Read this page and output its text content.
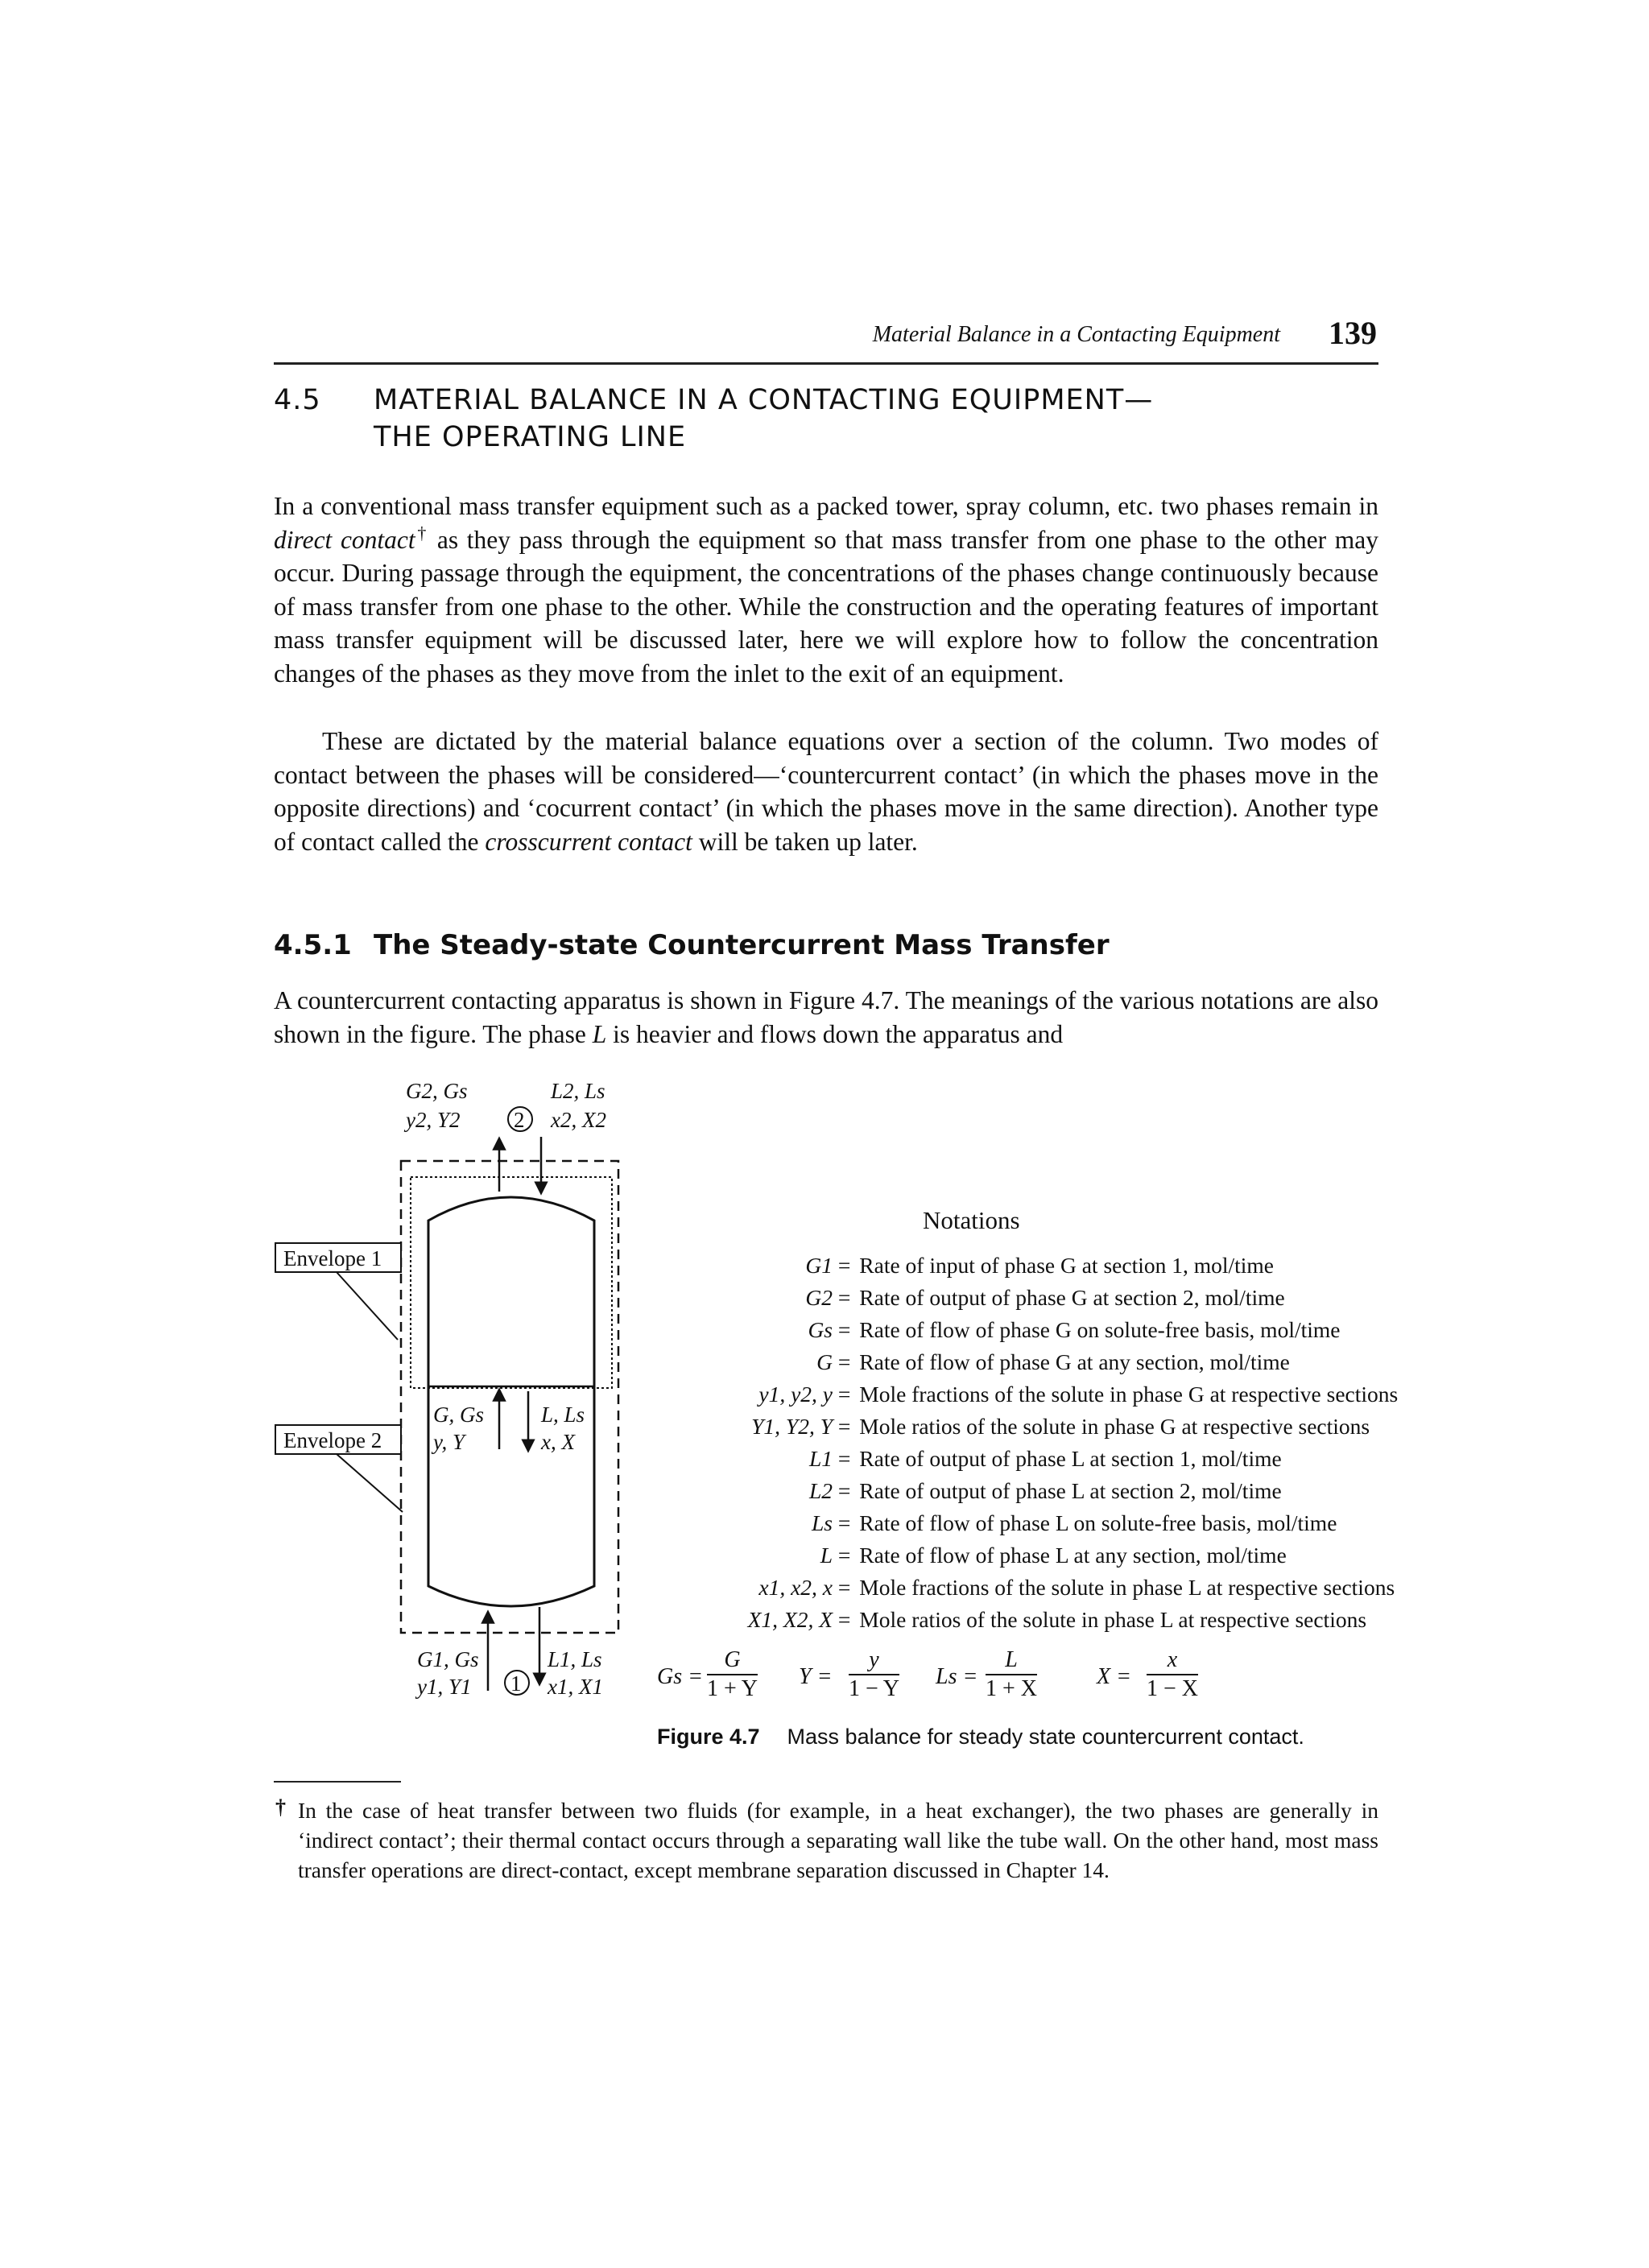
Material Balance in a Contacting Equipment 139
4.5 MATERIAL BALANCE IN A CONTACTING EQUIPMENT—
THE OPERATING LINE

In a conventional mass transfer equipment such as a packed tower, spray column, etc. two phases remain in direct contact† as they pass through the equipment so that mass transfer from one phase to the other may occur. During passage through the equipment, the concentrations of the phases change continuously because of mass transfer from one phase to the other. While the construction and the operating features of important mass transfer equipment will be discussed later, here we will explore how to follow the concentration changes of the phases as they move from the inlet to the exit of an equipment.

These are dictated by the material balance equations over a section of the column. Two modes of contact between the phases will be considered—‘countercurrent contact’ (in which the phases move in the opposite directions) and ‘cocurrent contact’ (in which the phases move in the same direction). Another type of contact called the crosscurrent contact will be taken up later.

4.5.1 The Steady-state Countercurrent Mass Transfer

A countercurrent contacting apparatus is shown in Figure 4.7. The meanings of the various notations are also shown in the figure. The phase L is heavier and flows down the apparatus and

Envelope 1
Envelope 2
G2, Gs
y2, Y2 2
L2, Ls
x2, X2
G, Gs
y, Y
L, Ls
x, X
G1, Gs
y1, Y1 1
L1, Ls
x1, X1
Notations
G1 = Rate of input of phase G at section 1, mol/time
G2 = Rate of output of phase G at section 2, mol/time
Gs = Rate of flow of phase G on solute-free basis, mol/time
G = Rate of flow of phase G at any section, mol/time
y1, y2, y = Mole fractions of the solute in phase G at respective sections
Y1, Y2, Y = Mole ratios of the solute in phase G at respective sections
L1 = Rate of output of phase L at section 1, mol/time
L2 = Rate of output of phase L at section 2, mol/time
Ls = Rate of flow of phase L on solute-free basis, mol/time
L = Rate of flow of phase L at any section, mol/time
x1, x2, x = Mole fractions of the solute in phase L at respective sections
X1, X2, X = Mole ratios of the solute in phase L at respective sections
$Gs = \frac{G}{1 + Y}$ $Y = \frac{y}{1 - Y}$ $Ls = \frac{L}{1 + X}$	$X = \frac{x}{1 - X}$
Figure 4.7 Mass balance for steady state countercurrent contact.

† In the case of heat transfer between two fluids (for example, in a heat exchanger), the two phases are generally in ‘indirect contact’; their thermal contact occurs through a separating wall like the tube wall. On the other hand, most mass transfer operations are direct-contact, except membrane separation discussed in Chapter 14.
